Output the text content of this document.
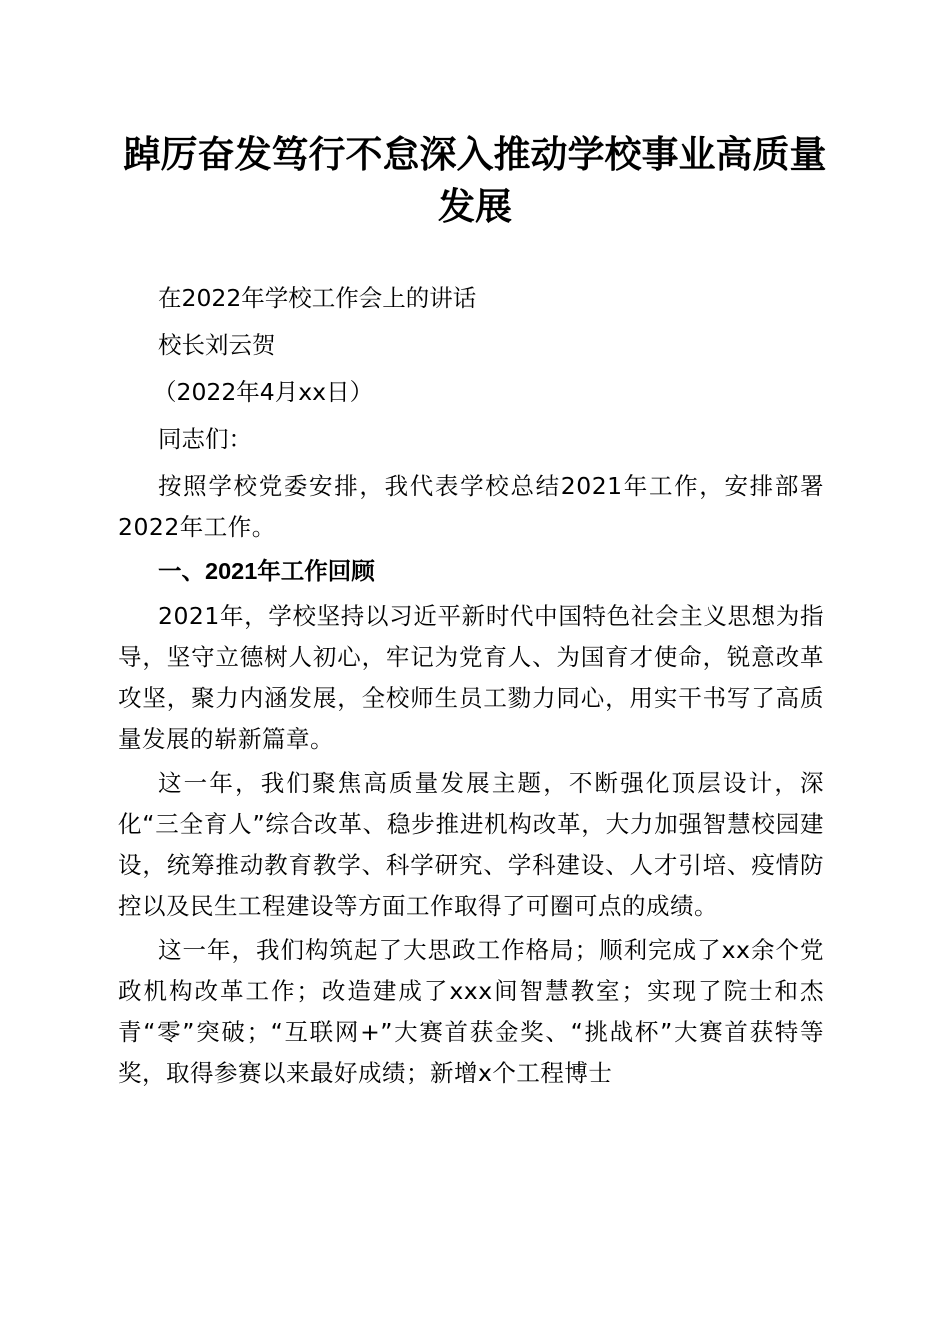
踔厉奋发笃行不怠深入推动学校事业高质量发展

在2022年学校工作会上的讲话

校长刘云贺

（2022年4月xx日）

同志们：

按照学校党委安排，我代表学校总结2021年工作，安排部署2022年工作。

一、2021年工作回顾

2021年，学校坚持以习近平新时代中国特色社会主义思想为指导，坚守立德树人初心，牢记为党育人、为国育才使命，锐意改革攻坚，聚力内涵发展，全校师生员工勠力同心，用实干书写了高质量发展的崭新篇章。

这一年，我们聚焦高质量发展主题，不断强化顶层设计，深化“三全育人”综合改革、稳步推进机构改革，大力加强智慧校园建设，统筹推动教育教学、科学研究、学科建设、人才引培、疫情防控以及民生工程建设等方面工作取得了可圈可点的成绩。

这一年，我们构筑起了大思政工作格局；顺利完成了xx余个党政机构改革工作；改造建成了xxx间智慧教室；实现了院士和杰青“零”突破；“互联网+”大赛首获金奖、“挑战杯”大赛首获特等奖，取得参赛以来最好成绩；新增x个工程博士
